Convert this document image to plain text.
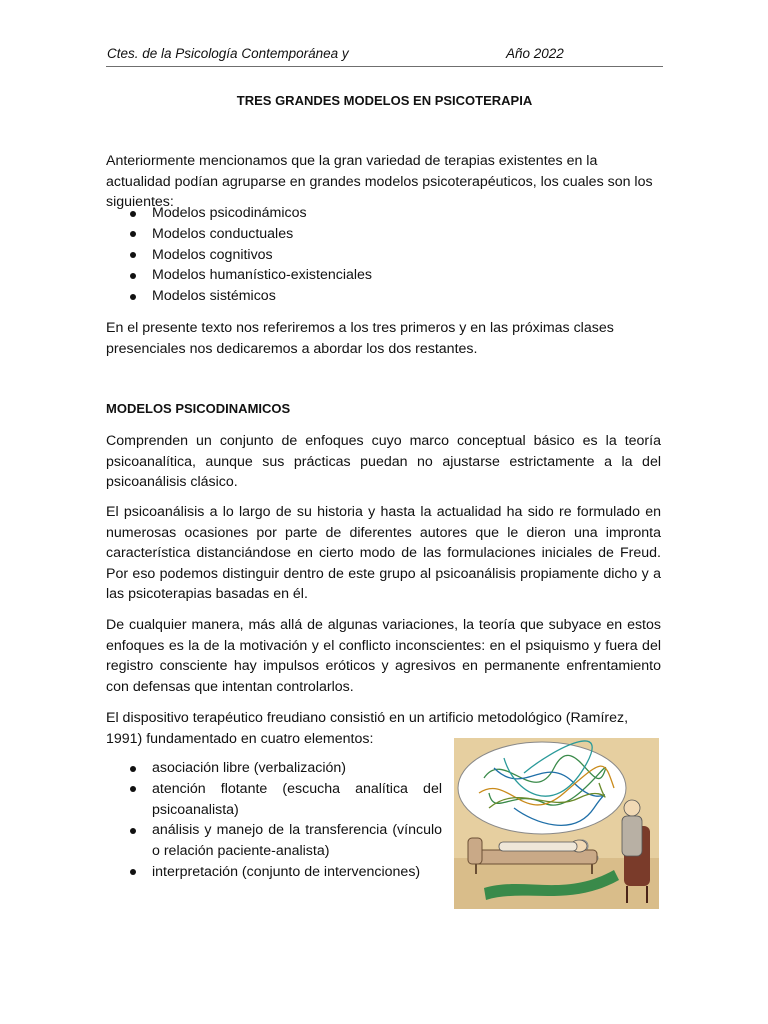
Ctes. de la Psicología Contemporánea y	Año 2022
TRES GRANDES MODELOS EN PSICOTERAPIA

Anteriormente mencionamos que la gran variedad de terapias existentes en la actualidad podían agruparse en grandes modelos psicoterapéuticos, los cuales son los siguientes:

Modelos psicodinámicos
Modelos conductuales
Modelos cognitivos
Modelos humanístico-existenciales
Modelos sistémicos

En el presente texto nos referiremos a los tres primeros y en las próximas clases presenciales nos dedicaremos a abordar los dos restantes.

MODELOS PSICODINAMICOS

Comprenden un conjunto de enfoques cuyo marco conceptual básico es la teoría psicoanalítica, aunque sus prácticas puedan no ajustarse estrictamente a la del psicoanálisis clásico.

El psicoanálisis a lo largo de su historia y hasta la actualidad ha sido re formulado en numerosas ocasiones por parte de diferentes autores que le dieron una impronta característica distanciándose en cierto modo de las formulaciones iniciales de Freud. Por eso podemos distinguir dentro de este grupo al psicoanálisis propiamente dicho y a las psicoterapias basadas en él.

De cualquier manera, más allá de algunas variaciones, la teoría que subyace en estos enfoques es la de la motivación y el conflicto inconscientes: en el psiquismo y fuera del registro consciente hay impulsos eróticos y agresivos en permanente enfrentamiento con defensas que intentan controlarlos.

El dispositivo terapéutico freudiano consistió en un artificio metodológico (Ramírez, 1991) fundamentado en cuatro elementos:

asociación libre (verbalización)
atención flotante (escucha analítica del psicoanalista)
análisis y manejo de la transferencia (vínculo o relación paciente-analista)
interpretación (conjunto de intervenciones)
